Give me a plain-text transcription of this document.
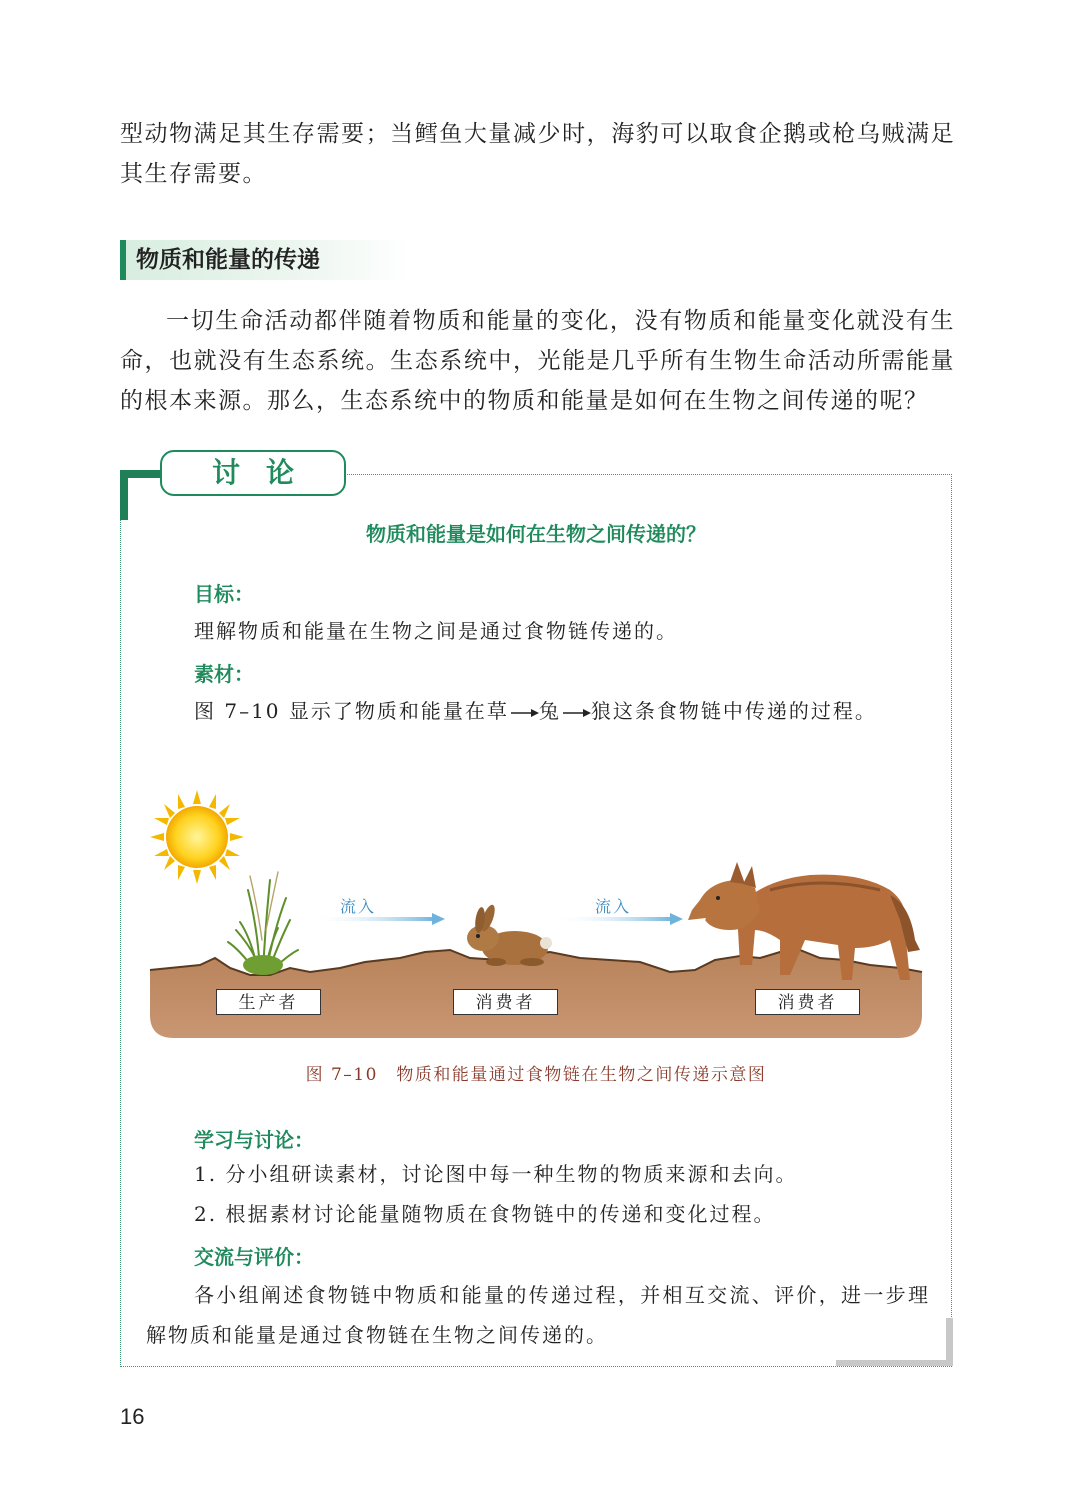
型动物满足其生存需要；当鳕鱼大量减少时，海豹可以取食企鹅或枪乌贼满足其生存需要。
物质和能量的传递
一切生命活动都伴随着物质和能量的变化，没有物质和能量变化就没有生命，也就没有生态系统。生态系统中，光能是几乎所有生物生命活动所需能量的根本来源。那么，生态系统中的物质和能量是如何在生物之间传递的呢？
讨论
物质和能量是如何在生物之间传递的？
目标：
理解物质和能量在生物之间是通过食物链传递的。
素材：
图 7–10 显示了物质和能量在草 兔 狼这条食物链中传递的过程。
流入	流入
生产者	消费者	消费者
图 7–10　物质和能量通过食物链在生物之间传递示意图
学习与讨论：
1. 分小组研读素材，讨论图中每一种生物的物质来源和去向。
2. 根据素材讨论能量随物质在食物链中的传递和变化过程。
交流与评价：
各小组阐述食物链中物质和能量的传递过程，并相互交流、评价，进一步理解物质和能量是通过食物链在生物之间传递的。
16
